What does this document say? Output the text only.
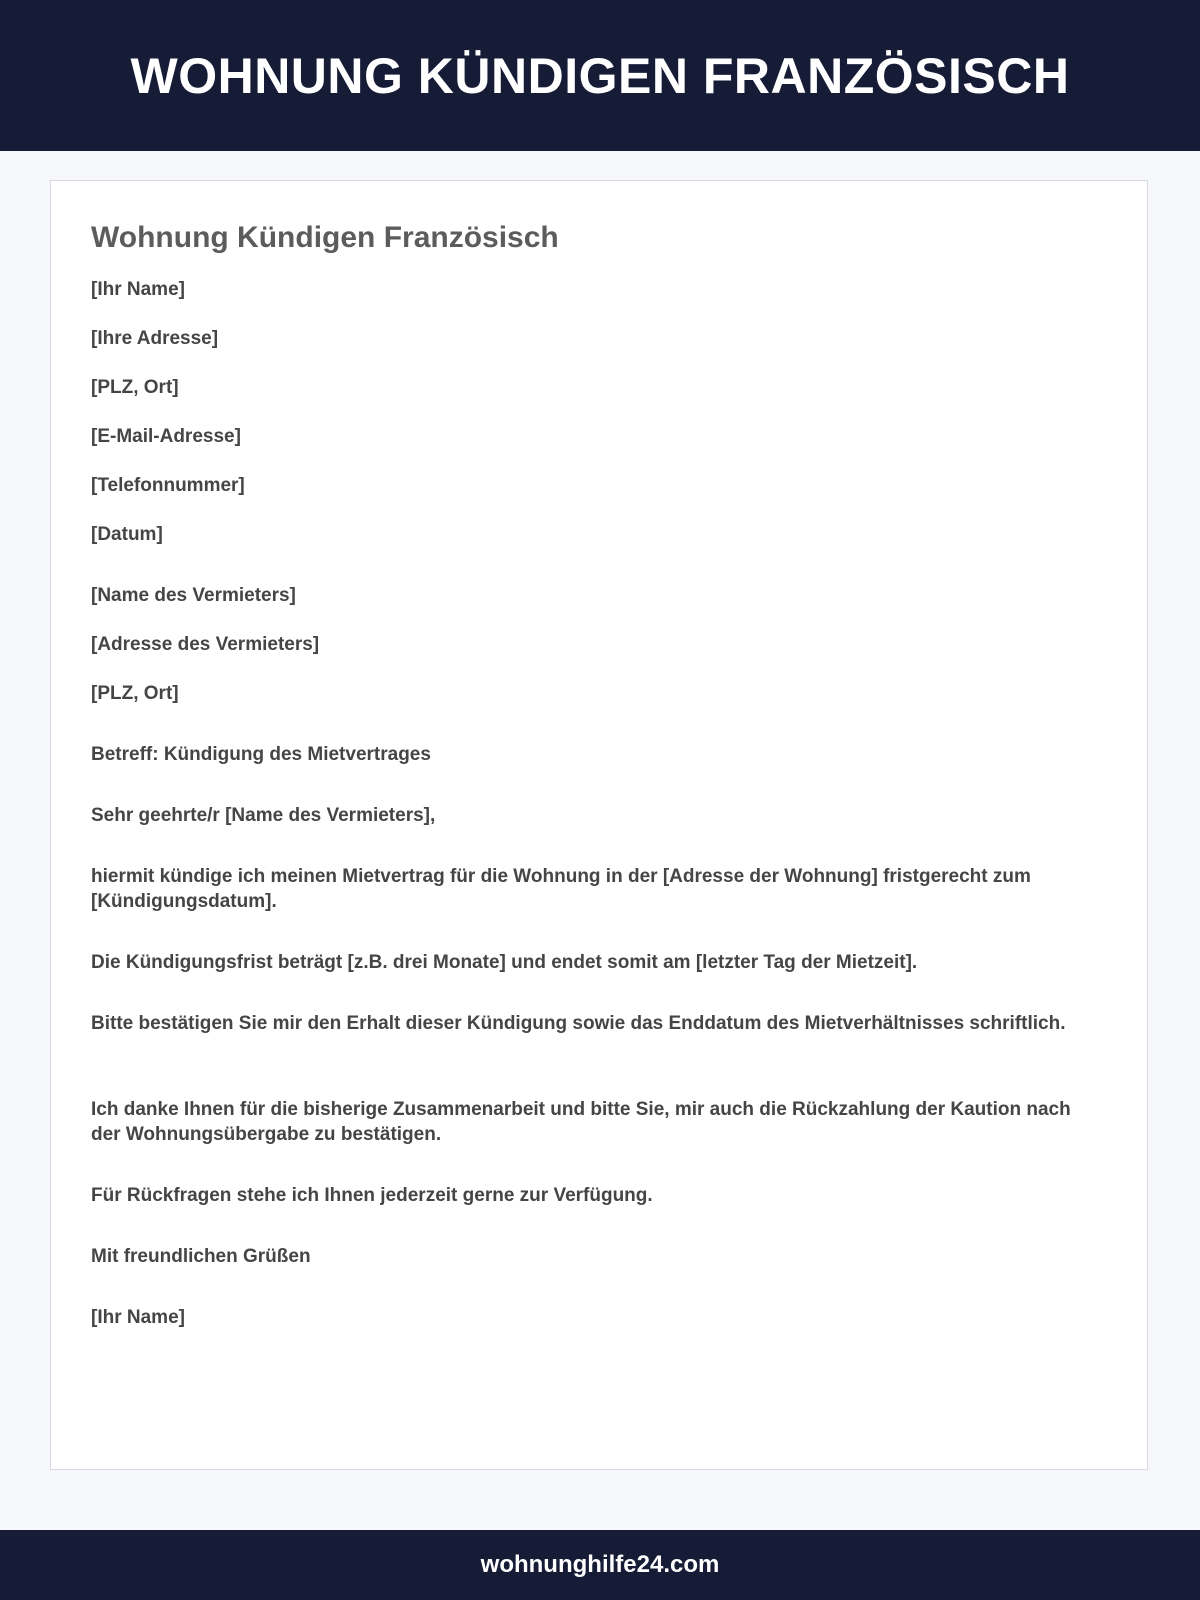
WOHNUNG KÜNDIGEN FRANZÖSISCH
Wohnung Kündigen Französisch

[Ihr Name]

[Ihre Adresse]

[PLZ, Ort]

[E-Mail-Adresse]

[Telefonnummer]

[Datum]

[Name des Vermieters]

[Adresse des Vermieters]

[PLZ, Ort]

Betreff: Kündigung des Mietvertrages

Sehr geehrte/r [Name des Vermieters],

hiermit kündige ich meinen Mietvertrag für die Wohnung in der [Adresse der Wohnung] fristgerecht zum [Kündigungsdatum].

Die Kündigungsfrist beträgt [z.B. drei Monate] und endet somit am [letzter Tag der Mietzeit].

Bitte bestätigen Sie mir den Erhalt dieser Kündigung sowie das Enddatum des Mietverhältnisses schriftlich.

Ich danke Ihnen für die bisherige Zusammenarbeit und bitte Sie, mir auch die Rückzahlung der Kaution nach der Wohnungsübergabe zu bestätigen.

Für Rückfragen stehe ich Ihnen jederzeit gerne zur Verfügung.

Mit freundlichen Grüßen

[Ihr Name]

wohnunghilfe24.com
